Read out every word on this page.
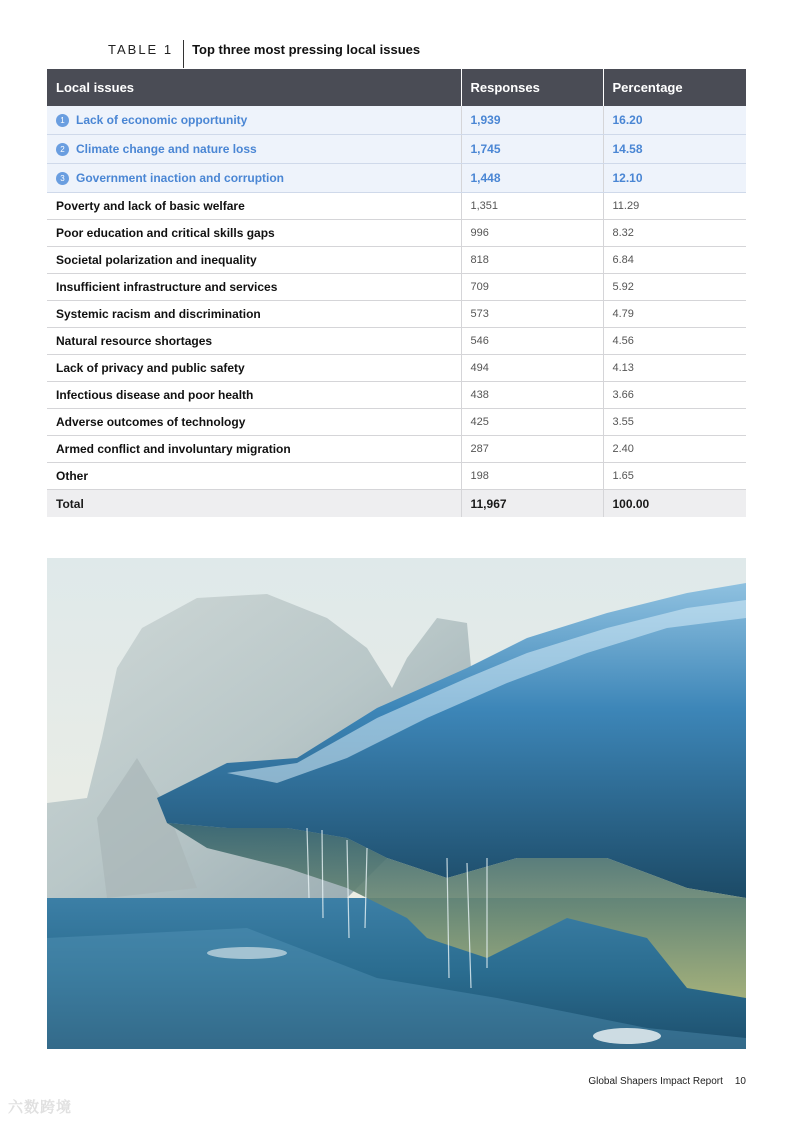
TABLE 1 Top three most pressing local issues
Local issues	Responses	Percentage
1 Lack of economic opportunity	1,939	16.20
2 Climate change and nature loss	1,745	14.58
3 Government inaction and corruption	1,448	12.10
Poverty and lack of basic welfare	1,351	11.29
Poor education and critical skills gaps	996	8.32
Societal polarization and inequality	818	6.84
Insufficient infrastructure and services	709	5.92
Systemic racism and discrimination	573	4.79
Natural resource shortages	546	4.56
Lack of privacy and public safety	494	4.13
Infectious disease and poor health	438	3.66
Adverse outcomes of technology	425	3.55
Armed conflict and involuntary migration	287	2.40
Other	198	1.65
Total	11,967	100.00
Global Shapers Impact Report 10
六数跨境
